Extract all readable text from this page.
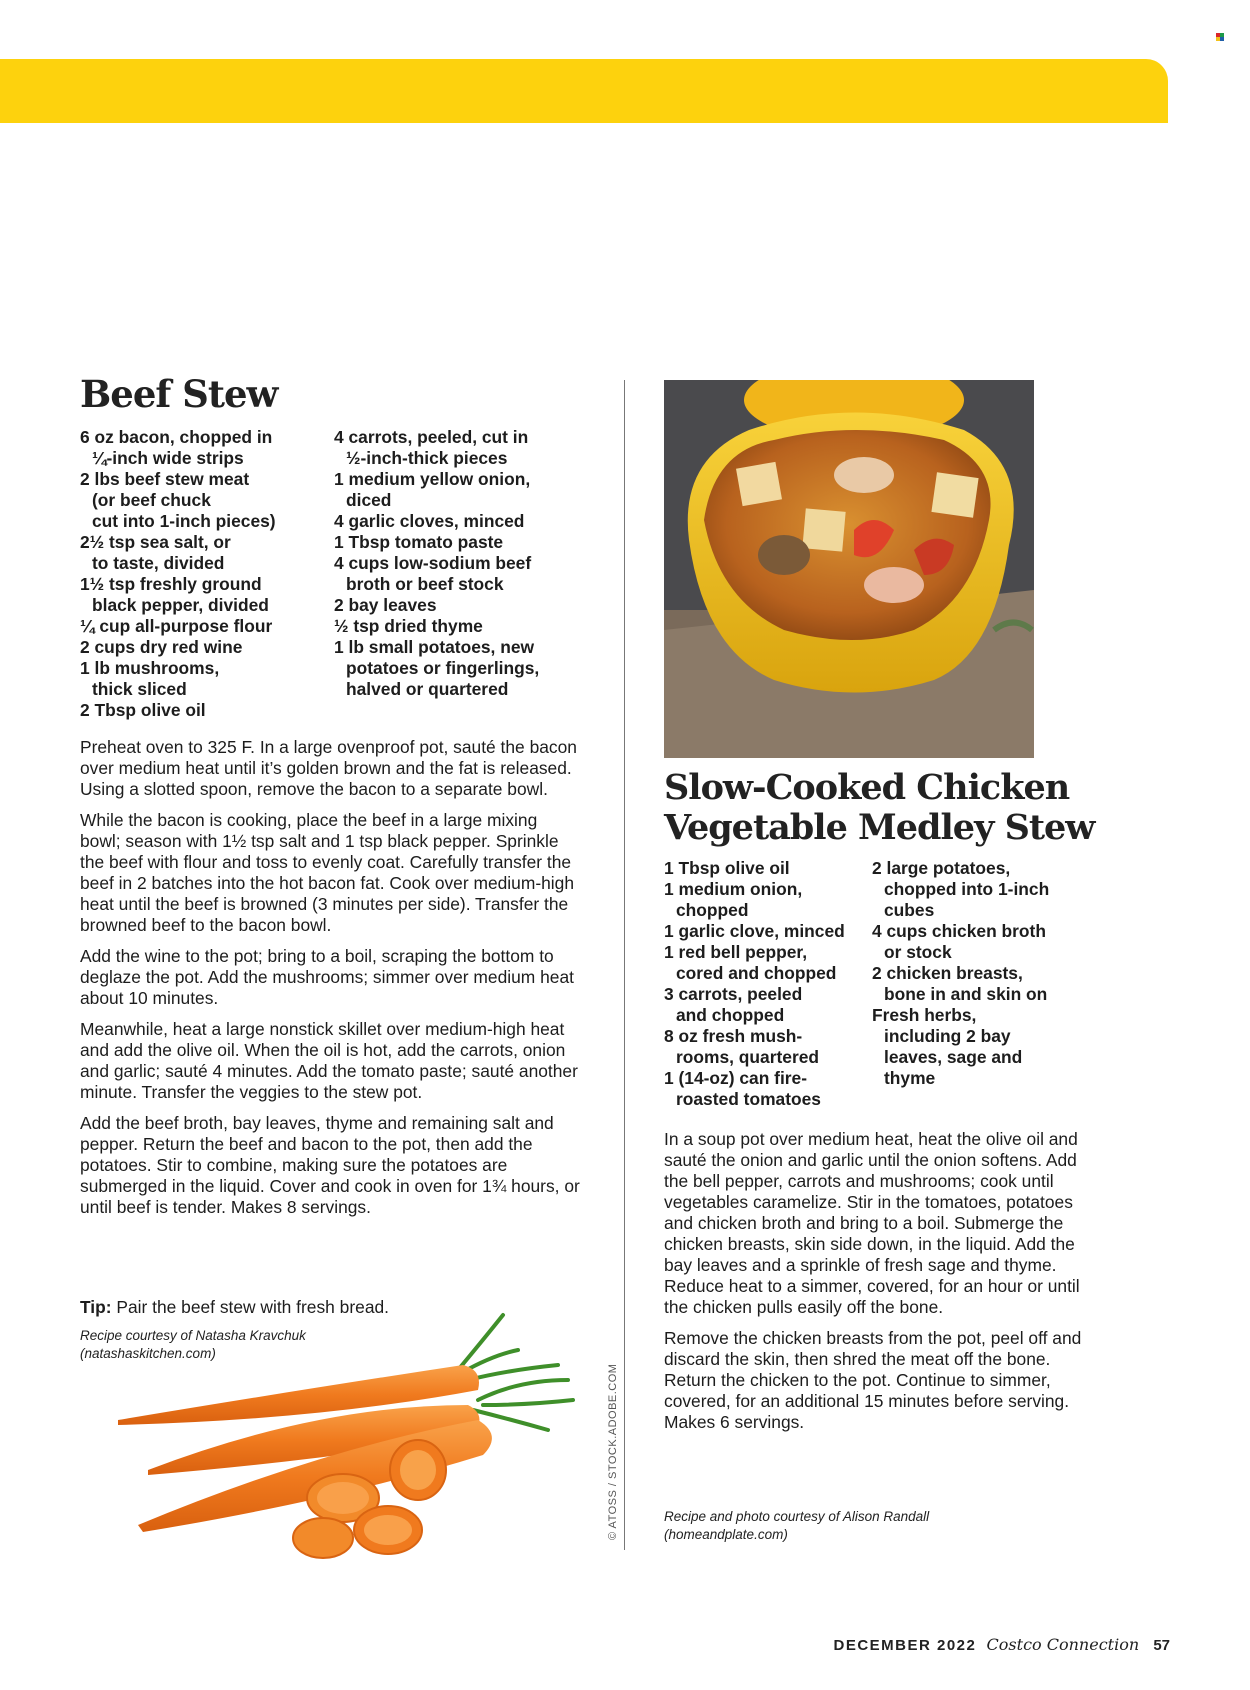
Beef Stew
6 oz bacon, chopped in
¼-inch wide strips
2 lbs beef stew meat
(or beef chuck
cut into 1-inch pieces)
2½ tsp sea salt, or
to taste, divided
1½ tsp freshly ground
black pepper, divided
¼ cup all-purpose flour
2 cups dry red wine
1 lb mushrooms,
thick sliced
2 Tbsp olive oil
4 carrots, peeled, cut in
½-inch-thick pieces
1 medium yellow onion,
diced
4 garlic cloves, minced
1 Tbsp tomato paste
4 cups low-sodium beef
broth or beef stock
2 bay leaves
½ tsp dried thyme
1 lb small potatoes, new
potatoes or fingerlings,
halved or quartered

Preheat oven to 325 F. In a large ovenproof pot, sauté the bacon over medium heat until it’s golden brown and the fat is released. Using a slotted spoon, remove the bacon to a separate bowl.

While the bacon is cooking, place the beef in a large mixing bowl; season with 1½ tsp salt and 1 tsp black pepper. Sprinkle the beef with flour and toss to evenly coat. Carefully transfer the beef in 2 batches into the hot bacon fat. Cook over medium-high heat until the beef is browned (3 minutes per side). Transfer the browned beef to the bacon bowl.

Add the wine to the pot; bring to a boil, scraping the bottom to deglaze the pot. Add the mushrooms; simmer over medium heat about 10 minutes.

Meanwhile, heat a large nonstick skillet over medium-high heat and add the olive oil. When the oil is hot, add the carrots, onion and garlic; sauté 4 minutes. Add the tomato paste; sauté another minute. Transfer the veggies to the stew pot.

Add the beef broth, bay leaves, thyme and remaining salt and pepper. Return the beef and bacon to the pot, then add the potatoes. Stir to combine, making sure the potatoes are submerged in the liquid. Cover and cook in oven for 1¾ hours, or until beef is tender. Makes 8 servings.

Tip: Pair the beef stew with fresh bread.
Recipe courtesy of Natasha Kravchuk
(natashaskitchen.com)
© ATOSS / STOCK.ADOBE.COM
Slow-Cooked Chicken Vegetable Medley Stew
1 Tbsp olive oil
1 medium onion,
chopped
1 garlic clove, minced
1 red bell pepper,
cored and chopped
3 carrots, peeled
and chopped
8 oz fresh mush-
rooms, quartered
1 (14-oz) can fire-
roasted tomatoes
2 large potatoes,
chopped into 1-inch
cubes
4 cups chicken broth
or stock
2 chicken breasts,
bone in and skin on
Fresh herbs,
including 2 bay
leaves, sage and
thyme

In a soup pot over medium heat, heat the olive oil and sauté the onion and garlic until the onion softens. Add the bell pepper, carrots and mushrooms; cook until vegetables caramelize. Stir in the tomatoes, potatoes and chicken broth and bring to a boil. Submerge the chicken breasts, skin side down, in the liquid. Add the bay leaves and a sprinkle of fresh sage and thyme. Reduce heat to a simmer, covered, for an hour or until the chicken pulls easily off the bone.

Remove the chicken breasts from the pot, peel off and discard the skin, then shred the meat off the bone. Return the chicken to the pot. Continue to simmer, covered, for an additional 15 minutes before serving. Makes 6 servings.

Recipe and photo courtesy of Alison Randall
(homeandplate.com)
DECEMBER 2022 Costco Connection 57
